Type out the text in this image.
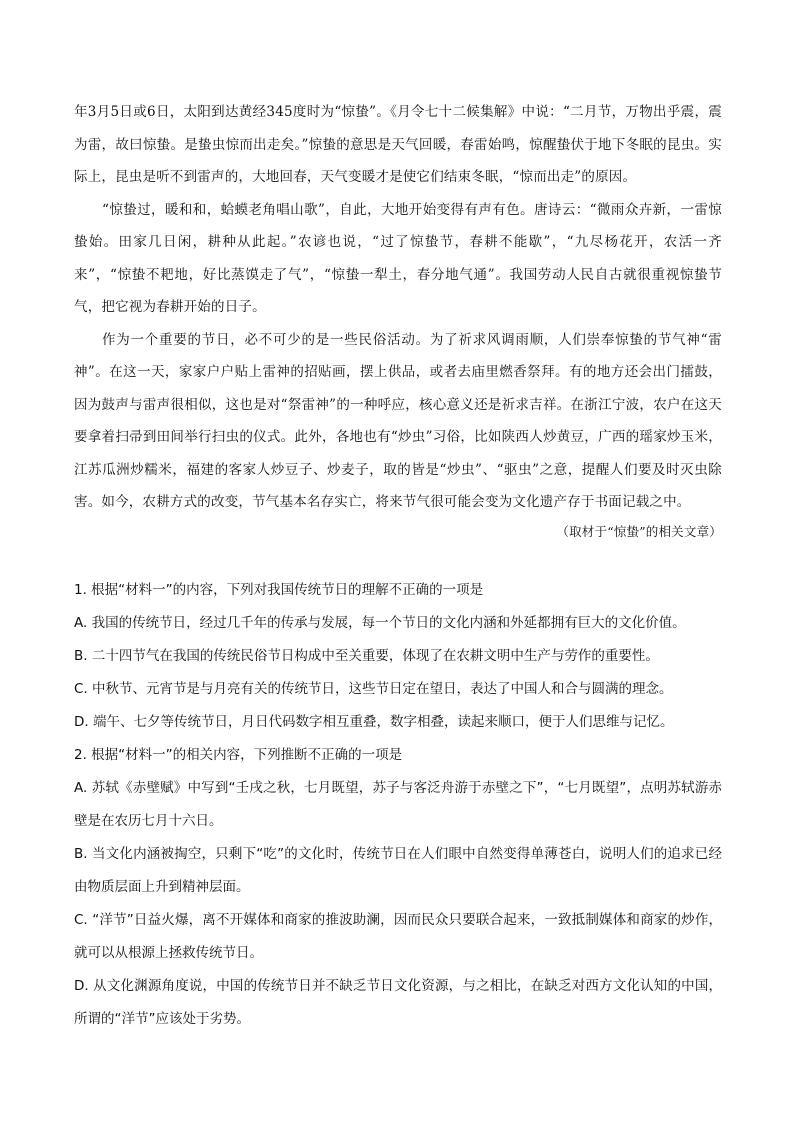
年3月5日或6日，太阳到达黄经345度时为“惊蛰”。《月令七十二候集解》中说：“二月节，万物出乎震，震为雷，故曰惊蛰。是蛰虫惊而出走矣。”惊蛰的意思是天气回暖，春雷始鸣，惊醒蛰伏于地下冬眠的昆虫。实际上，昆虫是听不到雷声的，大地回春，天气变暖才是使它们结束冬眠，“惊而出走”的原因。

“惊蛰过，暖和和，蛤蟆老角唱山歌”，自此，大地开始变得有声有色。唐诗云：“微雨众卉新，一雷惊蛰始。田家几日闲，耕种从此起。”农谚也说，“过了惊蛰节，春耕不能歇”，“九尽杨花开，农活一齐来”，“惊蛰不耙地，好比蒸馍走了气”，“惊蛰一犁土，春分地气通”。我国劳动人民自古就很重视惊蛰节气，把它视为春耕开始的日子。

作为一个重要的节日，必不可少的是一些民俗活动。为了祈求风调雨顺，人们崇奉惊蛰的节气神“雷神”。在这一天，家家户户贴上雷神的招贴画，摆上供品，或者去庙里燃香祭拜。有的地方还会出门擂鼓，因为鼓声与雷声很相似，这也是对“祭雷神”的一种呼应，核心意义还是祈求吉祥。在浙江宁波，农户在这天要拿着扫帚到田间举行扫虫的仪式。此外，各地也有“炒虫”习俗，比如陕西人炒黄豆，广西的瑶家炒玉米，江苏瓜洲炒糯米，福建的客家人炒豆子、炒麦子，取的皆是“炒虫”、“驱虫”之意，提醒人们要及时灭虫除害。如今，农耕方式的改变，节气基本名存实亡，将来节气很可能会变为文化遗产存于书面记载之中。

（取材于“惊蛰”的相关文章）

1. 根据“材料一”的内容，下列对我国传统节日的理解不正确的一项是

A. 我国的传统节日，经过几千年的传承与发展，每一个节日的文化内涵和外延都拥有巨大的文化价值。

B. 二十四节气在我国的传统民俗节日构成中至关重要，体现了在农耕文明中生产与劳作的重要性。

C. 中秋节、元宵节是与月亮有关的传统节日，这些节日定在望日，表达了中国人和合与圆满的理念。

D. 端午、七夕等传统节日，月日代码数字相互重叠，数字相叠，读起来顺口，便于人们思维与记忆。

2. 根据“材料一”的相关内容，下列推断不正确的一项是

A. 苏轼《赤壁赋》中写到“壬戌之秋，七月既望，苏子与客泛舟游于赤壁之下”，“七月既望”，点明苏轼游赤壁是在农历七月十六日。

B. 当文化内涵被掏空，只剩下“吃”的文化时，传统节日在人们眼中自然变得单薄苍白，说明人们的追求已经由物质层面上升到精神层面。

C. “洋节”日益火爆，离不开媒体和商家的推波助澜，因而民众只要联合起来，一致抵制媒体和商家的炒作，就可以从根源上拯救传统节日。

D. 从文化渊源角度说，中国的传统节日并不缺乏节日文化资源，与之相比，在缺乏对西方文化认知的中国，所谓的“洋节”应该处于劣势。
